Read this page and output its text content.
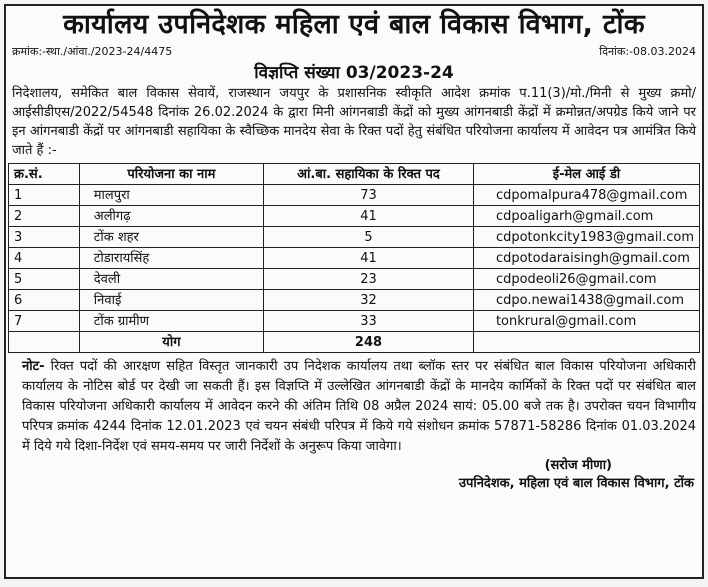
कार्यालय उपनिदेशक महिला एवं बाल विकास विभाग, टोंक
क्रमांक:-स्था./आंवा./2023-24/4475	दिनांक:-08.03.2024
विज्ञप्ति संख्या 03/2023-24
निदेशालय, समेकित बाल विकास सेवायें, राजस्थान जयपुर के प्रशासनिक स्वीकृति आदेश क्रमांक प.11(3)/मो./मिनी से मुख्य क्रमो/ आईसीडीएस/2022/54548 दिनांक 26.02.2024 के द्वारा मिनी आंगनबाडी केंद्रों को मुख्य आंगनबाडी केंद्रों में क्रमोन्नत/अपग्रेड किये जाने पर इन आंगनबाडी केंद्रों पर आंगनबाडी सहायिका के स्वैच्छिक मानदेय सेवा के रिक्त पदों हेतु संबंधित परियोजना कार्यालय में आवेदन पत्र आमंत्रित किये जाते हैं :-
क्र.सं.	परियोजना का नाम	आं.बा. सहायिका के रिक्त पद	ई-मेल आई डी
1	मालपुरा	73	cdpomalpura478@gmail.com
2	अलीगढ़	41	cdpoaligarh@gmail.com
3	टोंक शहर	5	cdpotonkcity1983@gmail.com
4	टोडारायसिंह	41	cdpotodaraisingh@gmail.com
5	देवली	23	cdpodeoli26@gmail.com
6	निवाई	32	cdpo.newai1438@gmail.com
7	टोंक ग्रामीण	33	tonkrural@gmail.com
	योग	248	
नोट- रिक्त पदों की आरक्षण सहित विस्तृत जानकारी उप निदेशक कार्यालय तथा ब्लॉक स्तर पर संबंधित बाल विकास परियोजना अधिकारी कार्यालय के नोटिस बोर्ड पर देखी जा सकती हैं। इस विज्ञप्ति में उल्लेखित आंगनबाडी केंद्रों के मानदेय कार्मिकों के रिक्त पदों पर संबंधित बाल विकास परियोजना अधिकारी कार्यालय में आवेदन करने की अंतिम तिथि 08 अप्रैल 2024 सायं: 05.00 बजे तक है। उपरोक्त चयन विभागीय परिपत्र क्रमांक 4244 दिनांक 12.01.2023 एवं चयन संबंधी परिपत्र में किये गये संशोधन क्रमांक 57871-58286 दिनांक 01.03.2024 में दिये गये दिशा-निर्देश एवं समय-समय पर जारी निर्देशों के अनुरूप किया जावेगा।
(सरोज मीणा)
उपनिदेशक, महिला एवं बाल विकास विभाग, टोंक
